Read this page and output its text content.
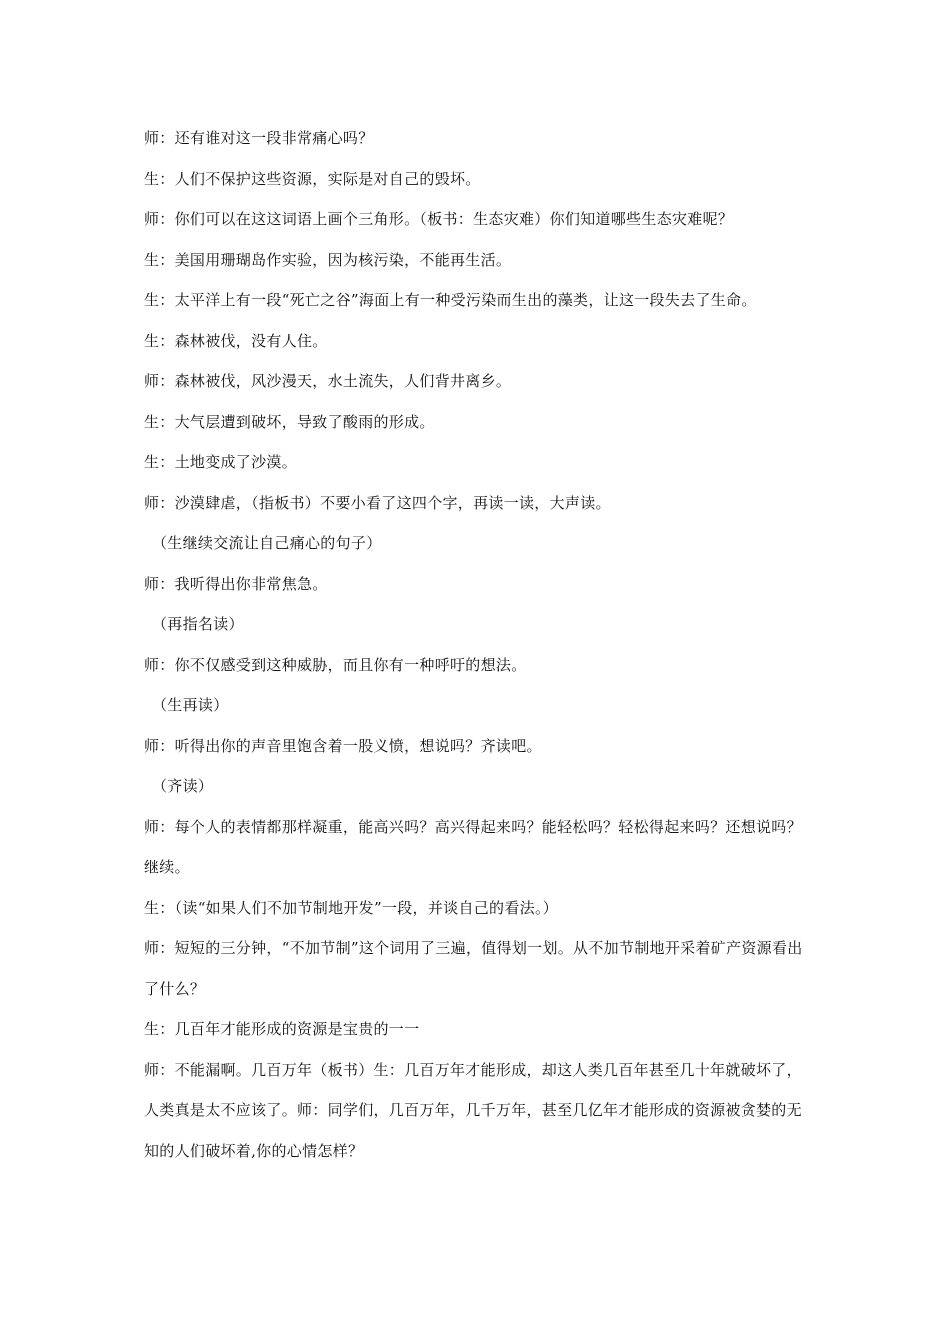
师：还有谁对这一段非常痛心吗？

生：人们不保护这些资源，实际是对自己的毁坏。

师：你们可以在这这词语上画个三角形。（板书：生态灾难）你们知道哪些生态灾难呢？

生：美国用珊瑚岛作实验，因为核污染，不能再生活。

生：太平洋上有一段“死亡之谷”海面上有一种受污染而生出的藻类，让这一段失去了生命。

生：森林被伐，没有人住。

师：森林被伐，风沙漫天，水土流失，人们背井离乡。

生：大气层遭到破坏，导致了酸雨的形成。

生：土地变成了沙漠。

师：沙漠肆虐，（指板书）不要小看了这四个字，再读一读，大声读。

（生继续交流让自己痛心的句子）

师：我听得出你非常焦急。

（再指名读）

师：你不仅感受到这种威胁，而且你有一种呼吁的想法。

（生再读）

师：听得出你的声音里饱含着一股义愤，想说吗？齐读吧。

（齐读）

师：每个人的表情都那样凝重，能高兴吗？高兴得起来吗？能轻松吗？轻松得起来吗？还想说吗？继续。

生：（读“如果人们不加节制地开发”一段，并谈自己的看法。）

师：短短的三分钟，“不加节制”这个词用了三遍，值得划一划。从不加节制地开采着矿产资源看出了什么？

生：几百年才能形成的资源是宝贵的一一

师：不能漏啊。几百万年（板书）生：几百万年才能形成，却这人类几百年甚至几十年就破坏了，人类真是太不应该了。师：同学们，几百万年，几千万年，甚至几亿年才能形成的资源被贪婪的无知的人们破坏着,你的心情怎样？
